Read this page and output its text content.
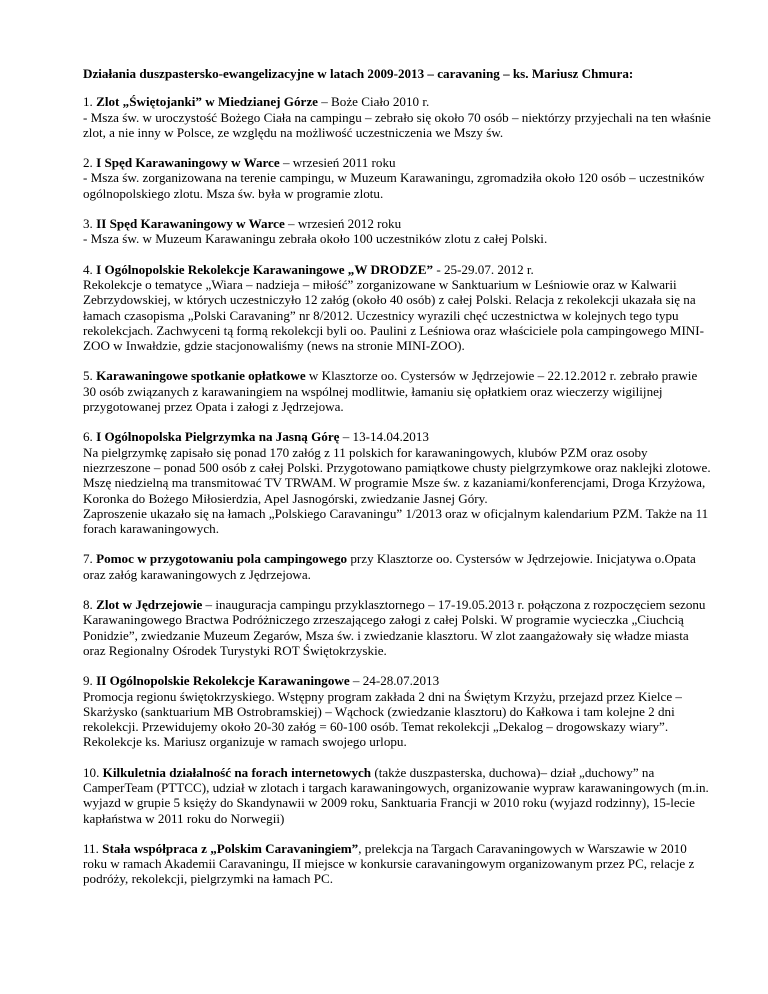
Działania duszpastersko-ewangelizacyjne w latach 2009-2013 – caravaning – ks. Mariusz Chmura:

1. Zlot „Świętojanki” w Miedzianej Górze – Boże Ciało 2010 r.

- Msza św. w uroczystość Bożego Ciała na campingu – zebrało się około 70 osób – niektórzy przyjechali na ten właśnie zlot, a nie inny w Polsce, ze względu na możliwość uczestniczenia we Mszy św.

2. I Spęd Karawaningowy w Warce – wrzesień 2011 roku

- Msza św. zorganizowana na terenie campingu, w Muzeum Karawaningu, zgromadziła około 120 osób – uczestników ogólnopolskiego zlotu. Msza św. była w programie zlotu.

3. II Spęd Karawaningowy w Warce – wrzesień 2012 roku

- Msza św. w Muzeum Karawaningu zebrała około 100 uczestników zlotu z całej Polski.

4. I Ogólnopolskie Rekolekcje Karawaningowe „W DRODZE” - 25-29.07. 2012 r.

Rekolekcje o tematyce „Wiara – nadzieja – miłość” zorganizowane w Sanktuarium w Leśniowie oraz w Kalwarii Zebrzydowskiej, w których uczestniczyło 12 załóg (około 40 osób) z całej Polski. Relacja z rekolekcji ukazała się na łamach czasopisma „Polski Caravaning” nr 8/2012. Uczestnicy wyrazili chęć uczestnictwa w kolejnych tego typu rekolekcjach. Zachwyceni tą formą rekolekcji byli oo. Paulini z Leśniowa oraz właściciele pola campingowego MINI-ZOO w Inwałdzie, gdzie stacjonowaliśmy (news na stronie MINI-ZOO).

5. Karawaningowe spotkanie opłatkowe w Klasztorze oo. Cystersów w Jędrzejowie – 22.12.2012 r. zebrało prawie 30 osób związanych z karawaningiem na wspólnej modlitwie, łamaniu się opłatkiem oraz wieczerzy wigilijnej przygotowanej przez Opata i załogi z Jędrzejowa.

6. I Ogólnopolska Pielgrzymka na Jasną Górę – 13-14.04.2013

Na pielgrzymkę zapisało się ponad 170 załóg z 11 polskich for karawaningowych, klubów PZM oraz osoby niezrzeszone – ponad 500 osób z całej Polski. Przygotowano pamiątkowe chusty pielgrzymkowe oraz naklejki zlotowe. Mszę niedzielną ma transmitować TV TRWAM. W programie Msze św. z kazaniami/konferencjami, Droga Krzyżowa, Koronka do Bożego Miłosierdzia, Apel Jasnogórski, zwiedzanie Jasnej Góry.

Zaproszenie ukazało się na łamach „Polskiego Caravaningu” 1/2013 oraz w oficjalnym kalendarium PZM. Także na 11 forach karawaningowych.

7. Pomoc w przygotowaniu pola campingowego przy Klasztorze oo. Cystersów w Jędrzejowie. Inicjatywa o.Opata oraz załóg karawaningowych z Jędrzejowa.

8. Zlot w Jędrzejowie – inauguracja campingu przyklasztornego – 17-19.05.2013 r. połączona z rozpoczęciem sezonu Karawaningowego Bractwa Podróżniczego zrzeszającego załogi z całej Polski. W programie wycieczka „Ciuchcią Ponidzie”, zwiedzanie Muzeum Zegarów, Msza św. i zwiedzanie klasztoru. W zlot zaangażowały się władze miasta oraz Regionalny Ośrodek Turystyki ROT Świętokrzyskie.

9. II Ogólnopolskie Rekolekcje Karawaningowe – 24-28.07.2013

Promocja regionu świętokrzyskiego. Wstępny program zakłada 2 dni na Świętym Krzyżu, przejazd przez Kielce – Skarżysko (sanktuarium MB Ostrobramskiej) – Wąchock (zwiedzanie klasztoru) do Kałkowa i tam kolejne 2 dni rekolekcji. Przewidujemy około 20-30 załóg = 60-100 osób. Temat rekolekcji „Dekalog – drogowskazy wiary”. Rekolekcje ks. Mariusz organizuje w ramach swojego urlopu.

10. Kilkuletnia działalność na forach internetowych (także duszpasterska, duchowa)– dział „duchowy” na CamperTeam (PTTCC), udział w zlotach i targach karawaningowych, organizowanie wypraw karawaningowych (m.in. wyjazd w grupie 5 księży do Skandynawii w 2009 roku, Sanktuaria Francji w 2010 roku (wyjazd rodzinny), 15-lecie kapłaństwa w 2011 roku do Norwegii)

11. Stała współpraca z „Polskim Caravaningiem”, prelekcja na Targach Caravaningowych w Warszawie w 2010 roku w ramach Akademii Caravaningu, II miejsce w konkursie caravaningowym organizowanym przez PC, relacje z podróży, rekolekcji, pielgrzymki na łamach PC.
